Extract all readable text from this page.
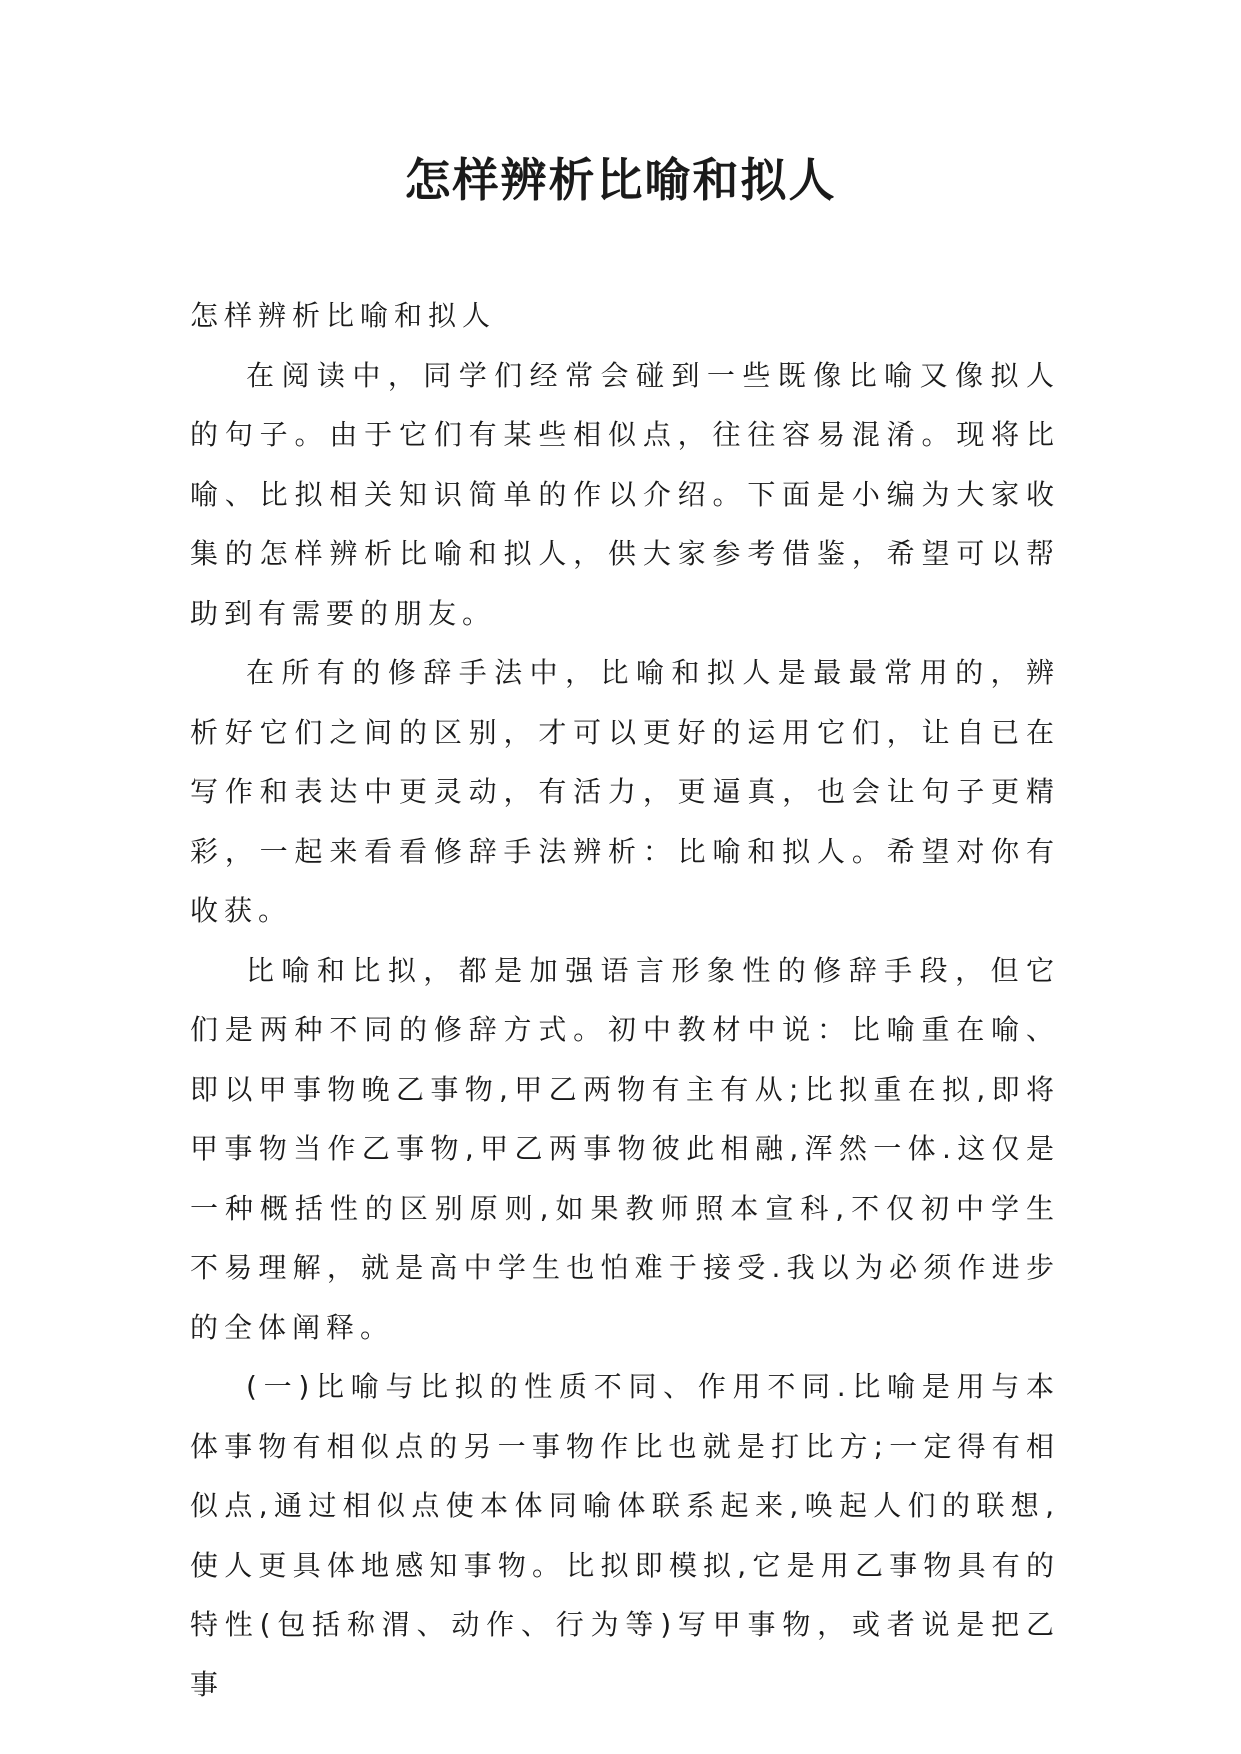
怎样辨析比喻和拟人

怎样辨析比喻和拟人

在阅读中，同学们经常会碰到一些既像比喻又像拟人的句子。由于它们有某些相似点，往往容易混淆。现将比喻、比拟相关知识简单的作以介绍。下面是小编为大家收集的怎样辨析比喻和拟人，供大家参考借鉴，希望可以帮助到有需要的朋友。

在所有的修辞手法中，比喻和拟人是最最常用的，辨析好它们之间的区别，才可以更好的运用它们，让自已在写作和表达中更灵动，有活力，更逼真，也会让句子更精彩，一起来看看修辞手法辨析：比喻和拟人。希望对你有收获。

比喻和比拟，都是加强语言形象性的修辞手段，但它们是两种不同的修辞方式。初中教材中说：比喻重在喻、即以甲事物晚乙事物,甲乙两物有主有从;比拟重在拟,即将甲事物当作乙事物,甲乙两事物彼此相融,浑然一体.这仅是一种概括性的区别原则,如果教师照本宣科,不仅初中学生不易理解，就是高中学生也怕难于接受.我以为必须作进步的全体阐释。

(一)比喻与比拟的性质不同、作用不同.比喻是用与本体事物有相似点的另一事物作比也就是打比方;一定得有相似点,通过相似点使本体同喻体联系起来,唤起人们的联想,使人更具体地感知事物。比拟即模拟,它是用乙事物具有的特性(包括称渭、动作、行为等)写甲事物，或者说是把乙事
